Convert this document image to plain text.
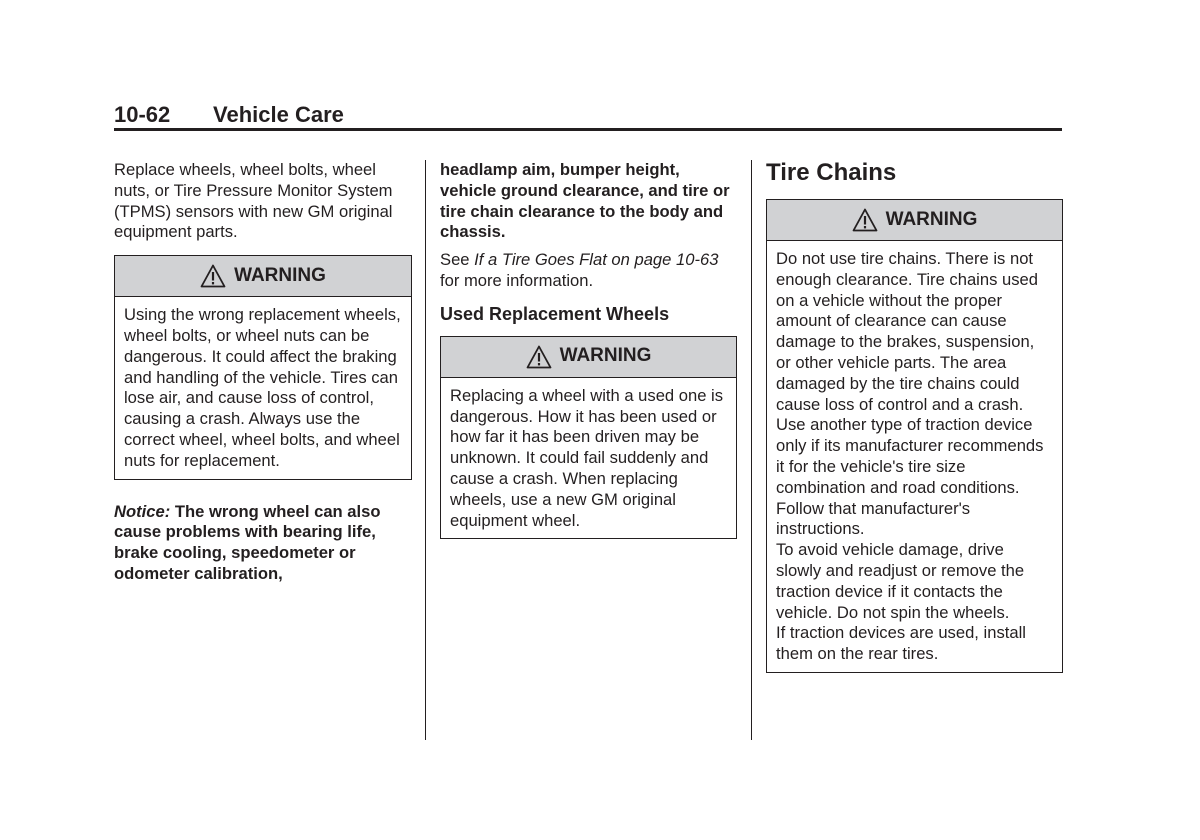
10-62 Vehicle Care

Replace wheels, wheel bolts, wheel nuts, or Tire Pressure Monitor System (TPMS) sensors with new GM original equipment parts.

WARNING
Using the wrong replacement wheels, wheel bolts, or wheel nuts can be dangerous. It could affect the braking and handling of the vehicle. Tires can lose air, and cause loss of control, causing a crash. Always use the correct wheel, wheel bolts, and wheel nuts for replacement.

Notice: The wrong wheel can also cause problems with bearing life, brake cooling, speedometer or odometer calibration,

headlamp aim, bumper height, vehicle ground clearance, and tire or tire chain clearance to the body and chassis.

See If a Tire Goes Flat on page 10-63 for more information.

Used Replacement Wheels

WARNING
Replacing a wheel with a used one is dangerous. How it has been used or how far it has been driven may be unknown. It could fail suddenly and cause a crash. When replacing wheels, use a new GM original equipment wheel.

Tire Chains

WARNING

Do not use tire chains. There is not enough clearance. Tire chains used on a vehicle without the proper amount of clearance can cause damage to the brakes, suspension, or other vehicle parts. The area damaged by the tire chains could cause loss of control and a crash. Use another type of traction device only if its manufacturer recommends it for the vehicle's tire size combination and road conditions. Follow that manufacturer's instructions.

To avoid vehicle damage, drive slowly and readjust or remove the traction device if it contacts the vehicle. Do not spin the wheels.

If traction devices are used, install them on the rear tires.
